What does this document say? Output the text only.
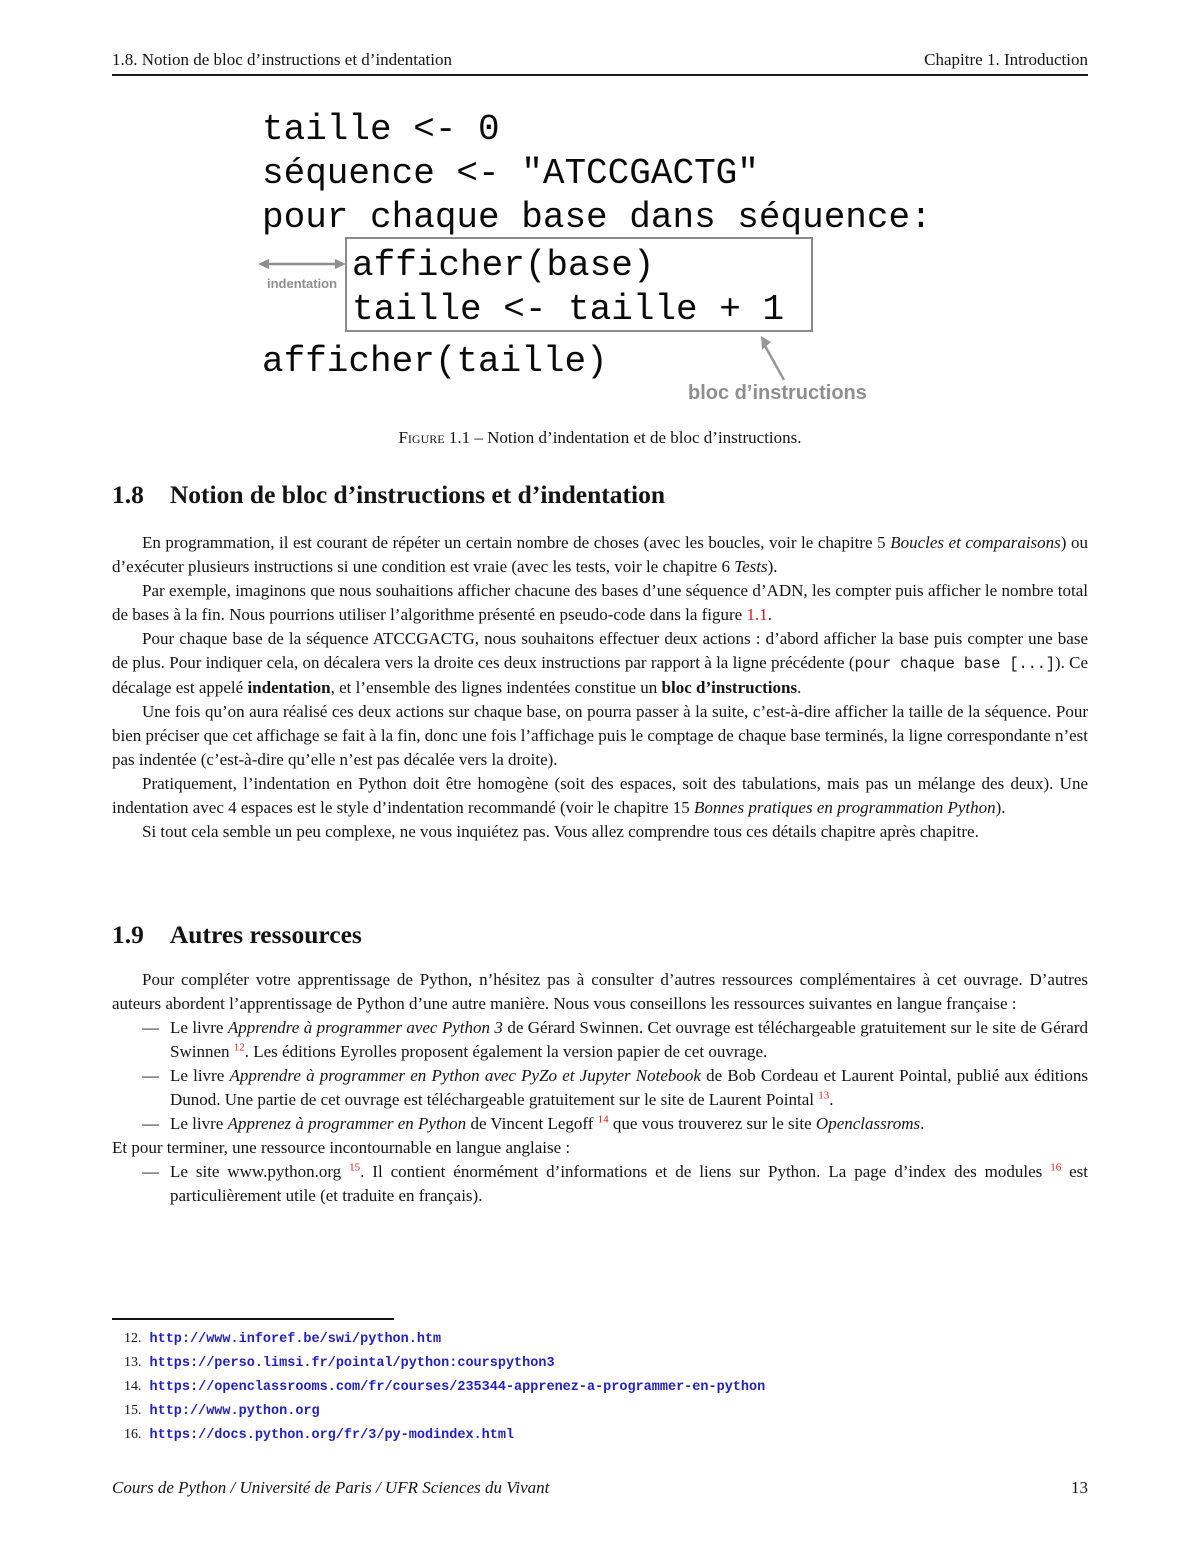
1.8. Notion de bloc d’instructions et d’indentation	Chapitre 1. Introduction
taille <- 0
séquence <- "ATCCGACTG"
pour chaque base dans séquence:
afficher(base)
taille <- taille + 1
afficher(taille)
indentation
bloc d’instructions
Figure 1.1 – Notion d’indentation et de bloc d’instructions.
1.8 Notion de bloc d’instructions et d’indentation

En programmation, il est courant de répéter un certain nombre de choses (avec les boucles, voir le chapitre 5 Boucles et comparaisons) ou d’exécuter plusieurs instructions si une condition est vraie (avec les tests, voir le chapitre 6 Tests).

Par exemple, imaginons que nous souhaitions afficher chacune des bases d’une séquence d’ADN, les compter puis afficher le nombre total de bases à la fin. Nous pourrions utiliser l’algorithme présenté en pseudo-code dans la figure 1.1.

Pour chaque base de la séquence ATCCGACTG, nous souhaitons effectuer deux actions : d’abord afficher la base puis compter une base de plus. Pour indiquer cela, on décalera vers la droite ces deux instructions par rapport à la ligne précédente (pour chaque base [...]). Ce décalage est appelé indentation, et l’ensemble des lignes indentées constitue un bloc d’instructions.

Une fois qu’on aura réalisé ces deux actions sur chaque base, on pourra passer à la suite, c’est-à-dire afficher la taille de la séquence. Pour bien préciser que cet affichage se fait à la fin, donc une fois l’affichage puis le comptage de chaque base terminés, la ligne correspondante n’est pas indentée (c’est-à-dire qu’elle n’est pas décalée vers la droite).

Pratiquement, l’indentation en Python doit être homogène (soit des espaces, soit des tabulations, mais pas un mélange des deux). Une indentation avec 4 espaces est le style d’indentation recommandé (voir le chapitre 15 Bonnes pratiques en programmation Python).

Si tout cela semble un peu complexe, ne vous inquiétez pas. Vous allez comprendre tous ces détails chapitre après chapitre.

1.9 Autres ressources

Pour compléter votre apprentissage de Python, n’hésitez pas à consulter d’autres ressources complémentaires à cet ouvrage. D’autres auteurs abordent l’apprentissage de Python d’une autre manière. Nous vous conseillons les ressources suivantes en langue française :

— Le livre Apprendre à programmer avec Python 3 de Gérard Swinnen. Cet ouvrage est téléchargeable gratuitement sur le site de Gérard Swinnen $^{12}$. Les éditions Eyrolles proposent également la version papier de cet ouvrage.
— Le livre Apprendre à programmer en Python avec PyZo et Jupyter Notebook de Bob Cordeau et Laurent Pointal, publié aux éditions Dunod. Une partie de cet ouvrage est téléchargeable gratuitement sur le site de Laurent Pointal $^{13}$.
— Le livre Apprenez à programmer en Python de Vincent Legoff $^{14}$ que vous trouverez sur le site Openclassroms.

Et pour terminer, une ressource incontournable en langue anglaise :

— Le site www.python.org $^{15}$. Il contient énormément d’informations et de liens sur Python. La page d’index des modules $^{16}$ est particulièrement utile (et traduite en français).
12. http://www.inforef.be/swi/python.htm
13. https://perso.limsi.fr/pointal/python:courspython3
14. https://openclassrooms.com/fr/courses/235344-apprenez-a-programmer-en-python
15. http://www.python.org
16. https://docs.python.org/fr/3/py-modindex.html
Cours de Python / Université de Paris / UFR Sciences du Vivant	13
